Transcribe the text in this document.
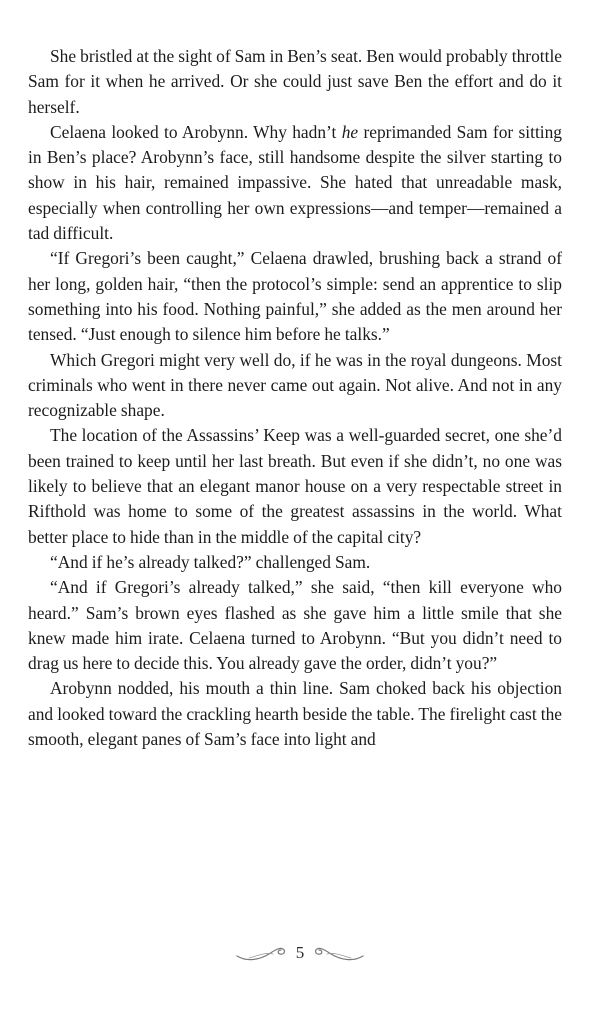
She bristled at the sight of Sam in Ben’s seat. Ben would probably throttle Sam for it when he arrived. Or she could just save Ben the effort and do it herself.

Celaena looked to Arobynn. Why hadn’t he reprimanded Sam for sitting in Ben’s place? Arobynn’s face, still handsome despite the silver starting to show in his hair, remained impassive. She hated that unreadable mask, especially when controlling her own expressions—and temper—remained a tad difficult.

“If Gregori’s been caught,” Celaena drawled, brushing back a strand of her long, golden hair, “then the protocol’s simple: send an apprentice to slip something into his food. Nothing painful,” she added as the men around her tensed. “Just enough to silence him before he talks.”

Which Gregori might very well do, if he was in the royal dungeons. Most criminals who went in there never came out again. Not alive. And not in any recognizable shape.

The location of the Assassins’ Keep was a well-guarded secret, one she’d been trained to keep until her last breath. But even if she didn’t, no one was likely to believe that an elegant manor house on a very respectable street in Rifthold was home to some of the greatest assassins in the world. What better place to hide than in the middle of the capital city?

“And if he’s already talked?” challenged Sam.

“And if Gregori’s already talked,” she said, “then kill everyone who heard.” Sam’s brown eyes flashed as she gave him a little smile that she knew made him irate. Celaena turned to Arobynn. “But you didn’t need to drag us here to decide this. You already gave the order, didn’t you?”

Arobynn nodded, his mouth a thin line. Sam choked back his objection and looked toward the crackling hearth beside the table. The firelight cast the smooth, elegant panes of Sam’s face into light and

5
